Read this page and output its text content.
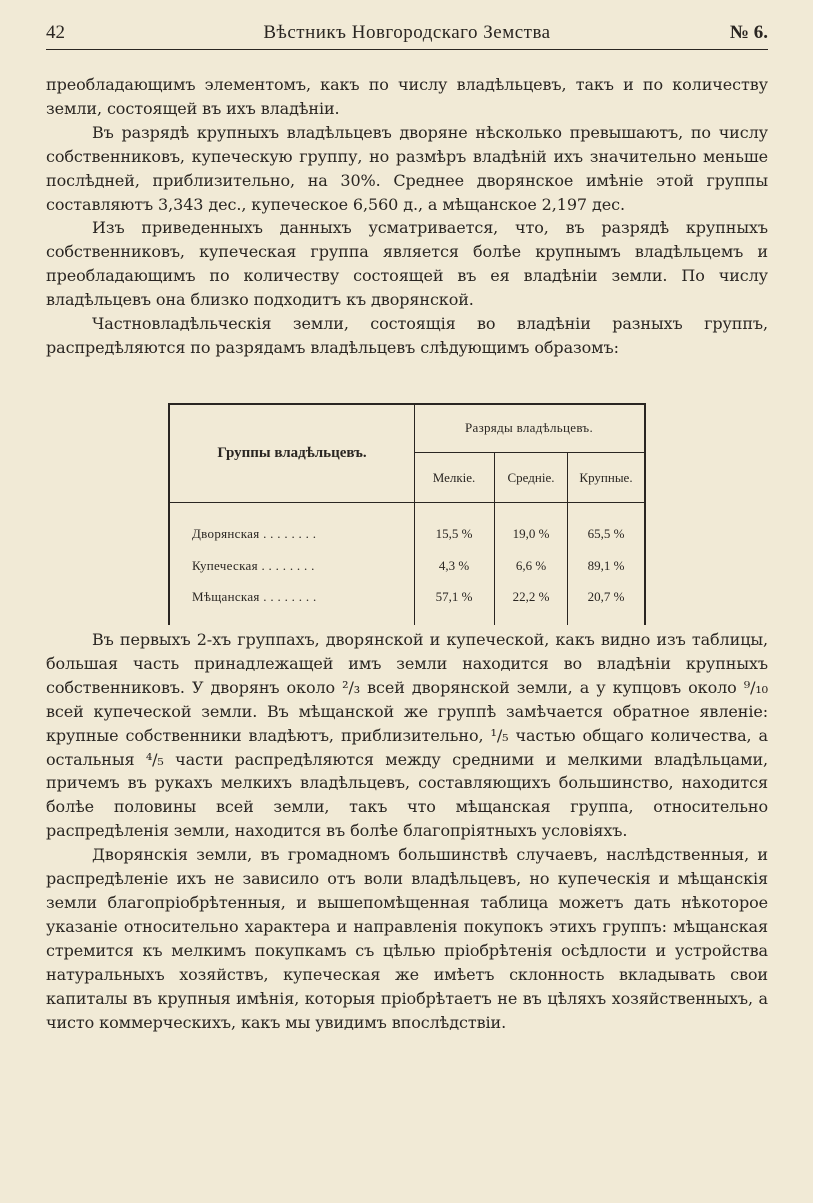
42	Вѣстникъ Новгородскаго Земства	№ 6.

преобладающимъ элементомъ, какъ по числу владѣльцевъ, такъ и по количеству земли, состоящей въ ихъ владѣніи.

Въ разрядѣ крупныхъ владѣльцевъ дворяне нѣсколько превышаютъ, по числу собственниковъ, купеческую группу, но размѣръ владѣній ихъ значительно меньше послѣдней, приблизительно, на 30%. Среднее дворянское имѣніе этой группы составляютъ 3,343 дес., купеческое 6,560 д., а мѣщанское 2,197 дес.

Изъ приведенныхъ данныхъ усматривается, что, въ разрядѣ крупныхъ собственниковъ, купеческая группа является болѣе крупнымъ владѣльцемъ и преобладающимъ по количеству состоящей въ ея владѣніи земли. По числу владѣльцевъ она близко подходитъ къ дворянской.

Частновладѣльческія земли, состоящія во владѣніи разныхъ группъ, распредѣляются по разрядамъ владѣльцевъ слѣдующимъ образомъ:

Группы владѣльцевъ.
Разряды владѣльцевъ.
Мелкіе.	Средніе.	Крупные.
Дворянская . . . . . . . .	15,5 %	19,0 %	65,5 %
Купеческая . . . . . . . .	4,3 %	6,6 %	89,1 %
Мѣщанская . . . . . . . .	57,1 %	22,2 %	20,7 %

Въ первыхъ 2-хъ группахъ, дворянской и купеческой, какъ видно изъ таблицы, большая часть принадлежащей имъ земли находится во владѣніи крупныхъ собственниковъ. У дворянъ около ²/₃ всей дворянской земли, а у купцовъ около ⁹/₁₀ всей купеческой земли. Въ мѣщанской же группѣ замѣчается обратное явленіе: крупные собственники владѣютъ, приблизительно, ¹/₅ частью общаго количества, а остальныя ⁴/₅ части распредѣляются между средними и мелкими владѣльцами, причемъ въ рукахъ мелкихъ владѣльцевъ, составляющихъ большинство, находится болѣе половины всей земли, такъ что мѣщанская группа, относительно распредѣленія земли, находится въ болѣе благопріятныхъ условіяхъ.

Дворянскія земли, въ громадномъ большинствѣ случаевъ, наслѣдственныя, и распредѣленіе ихъ не зависило отъ воли владѣльцевъ, но купеческія и мѣщанскія земли благопріобрѣтенныя, и вышепомѣщенная таблица можетъ дать нѣкоторое указаніе относительно характера и направленія покупокъ этихъ группъ: мѣщанская стремится къ мелкимъ покупкамъ съ цѣлью пріобрѣтенія осѣдлости и устройства натуральныхъ хозяйствъ, купеческая же имѣетъ склонность вкладывать свои капиталы въ крупныя имѣнія, которыя пріобрѣтаетъ не въ цѣляхъ хозяйственныхъ, а чисто коммерческихъ, какъ мы увидимъ впослѣдствіи.
